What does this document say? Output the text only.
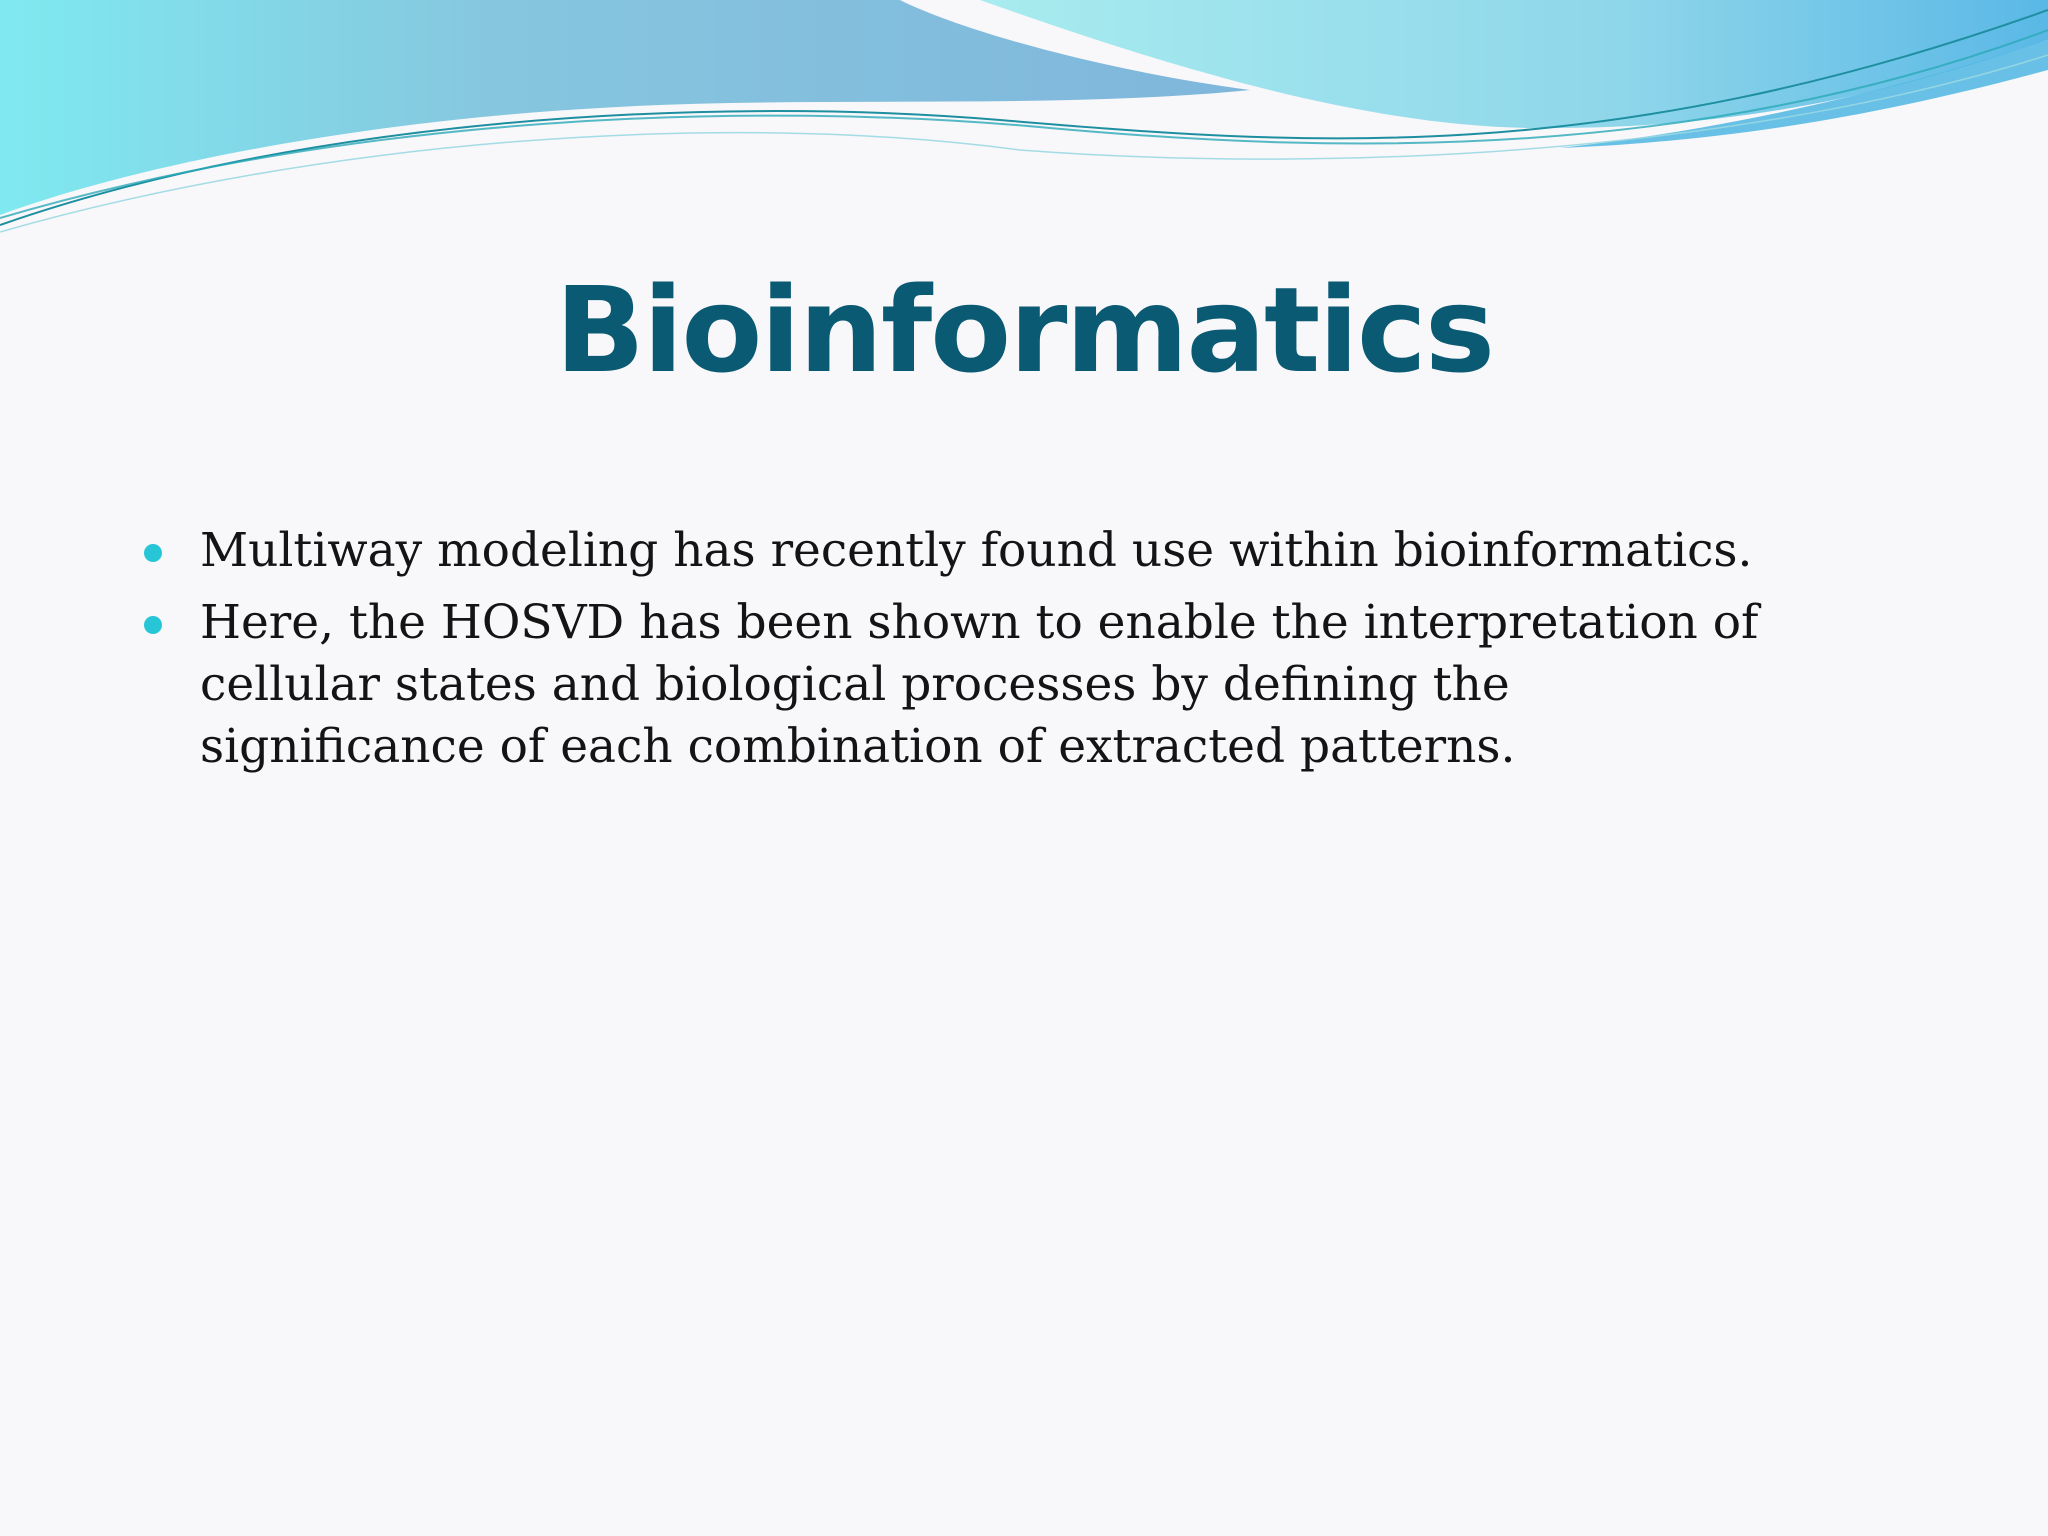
Bioinformatics
Multiway modeling has recently found use within bioinformatics.
Here, the HOSVD has been shown to enable the interpretation of cellular states and biological processes by defining the significance of each combination of extracted patterns.
